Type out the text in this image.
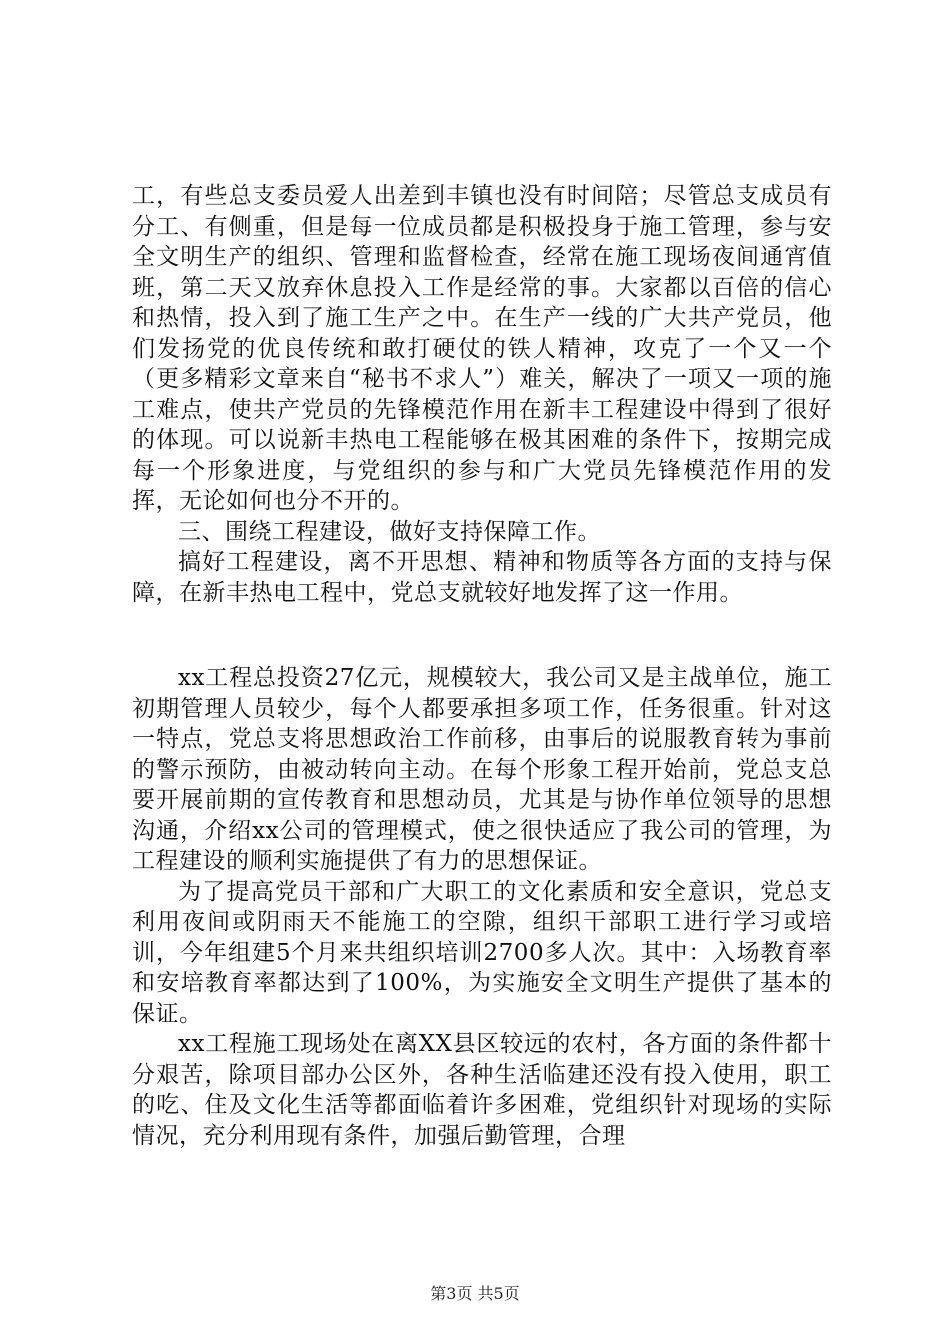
工，有些总支委员爱人出差到丰镇也没有时间陪；尽管总支成员有分工、有侧重，但是每一位成员都是积极投身于施工管理，参与安全文明生产的组织、管理和监督检查，经常在施工现场夜间通宵值班，第二天又放弃休息投入工作是经常的事。大家都以百倍的信心和热情，投入到了施工生产之中。在生产一线的广大共产党员，他们发扬党的优良传统和敢打硬仗的铁人精神，攻克了一个又一个（更多精彩文章来自“秘书不求人”）难关，解决了一项又一项的施工难点，使共产党员的先锋模范作用在新丰工程建设中得到了很好的体现。可以说新丰热电工程能够在极其困难的条件下，按期完成每一个形象进度，与党组织的参与和广大党员先锋模范作用的发挥，无论如何也分不开的。

三、围绕工程建设，做好支持保障工作。

搞好工程建设，离不开思想、精神和物质等各方面的支持与保障，在新丰热电工程中，党总支就较好地发挥了这一作用。

xx工程总投资27亿元，规模较大，我公司又是主战单位，施工初期管理人员较少，每个人都要承担多项工作，任务很重。针对这一特点，党总支将思想政治工作前移，由事后的说服教育转为事前的警示预防，由被动转向主动。在每个形象工程开始前，党总支总要开展前期的宣传教育和思想动员，尤其是与协作单位领导的思想沟通，介绍xx公司的管理模式，使之很快适应了我公司的管理，为工程建设的顺利实施提供了有力的思想保证。

为了提高党员干部和广大职工的文化素质和安全意识，党总支利用夜间或阴雨天不能施工的空隙，组织干部职工进行学习或培训，今年组建5个月来共组织培训2700多人次。其中：入场教育率和安培教育率都达到了100%，为实施安全文明生产提供了基本的保证。

xx工程施工现场处在离XX县区较远的农村，各方面的条件都十分艰苦，除项目部办公区外，各种生活临建还没有投入使用，职工的吃、住及文化生活等都面临着许多困难，党组织针对现场的实际情况，充分利用现有条件，加强后勤管理，合理

第3页 共5页
